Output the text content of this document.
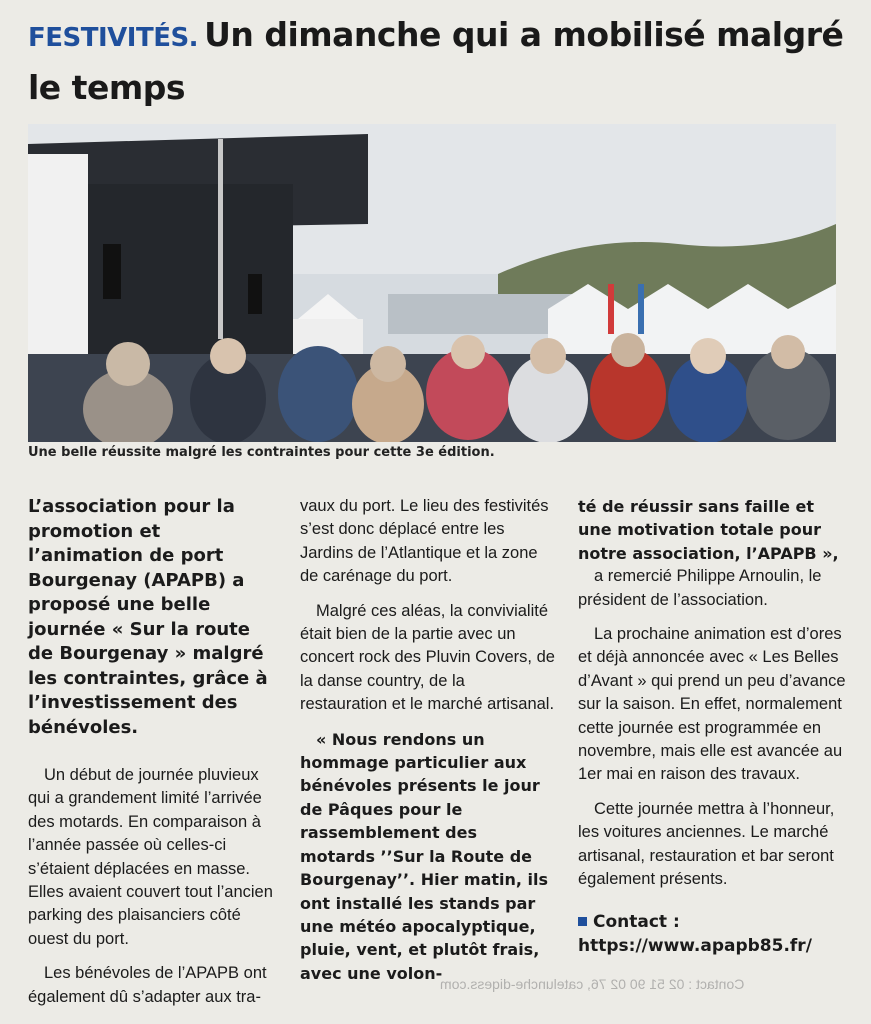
FESTIVITÉS. Un dimanche qui a mobilisé malgré le temps
Une belle réussite malgré les contraintes pour cette 3e édition.

L’association pour la promotion et l’animation de port Bourgenay (APAPB) a proposé une belle journée « Sur la route de Bourgenay » malgré les contraintes, grâce à l’investissement des bénévoles.

Un début de journée pluvieux qui a grandement limité l’arrivée des motards. En comparaison à l’année passée où celles-ci s’étaient déplacées en masse. Elles avaient couvert tout l’ancien parking des plaisanciers côté ouest du port.

Les bénévoles de l’APAPB ont également dû s’adapter aux tra-

vaux du port. Le lieu des festivités s’est donc déplacé entre les Jardins de l’Atlantique et la zone de carénage du port.

Malgré ces aléas, la convivialité était bien de la partie avec un concert rock des Pluvin Covers, de la danse country, de la restauration et le marché artisanal.

« Nous rendons un hommage particulier aux bénévoles présents le jour de Pâques pour le rassemblement des motards ’’Sur la Route de Bourgenay’’. Hier matin, ils ont installé les stands par une météo apocalyptique, pluie, vent, et plutôt frais, avec une volon-

té de réussir sans faille et une motivation totale pour notre association, l’APAPB »,

a remercié Philippe Arnoulin, le président de l’association.

La prochaine animation est d’ores et déjà annoncée avec « Les Belles d’Avant » qui prend un peu d’avance sur la saison. En effet, normalement cette journée est programmée en novembre, mais elle est avancée au 1er mai en raison des travaux.

Cette journée mettra à l’honneur, les voitures anciennes. Le marché artisanal, restauration et bar seront également présents.

Contact :
https://www.apapb85.fr/
Contact : 02 51 90 02 76, catelunche-diqess.com
